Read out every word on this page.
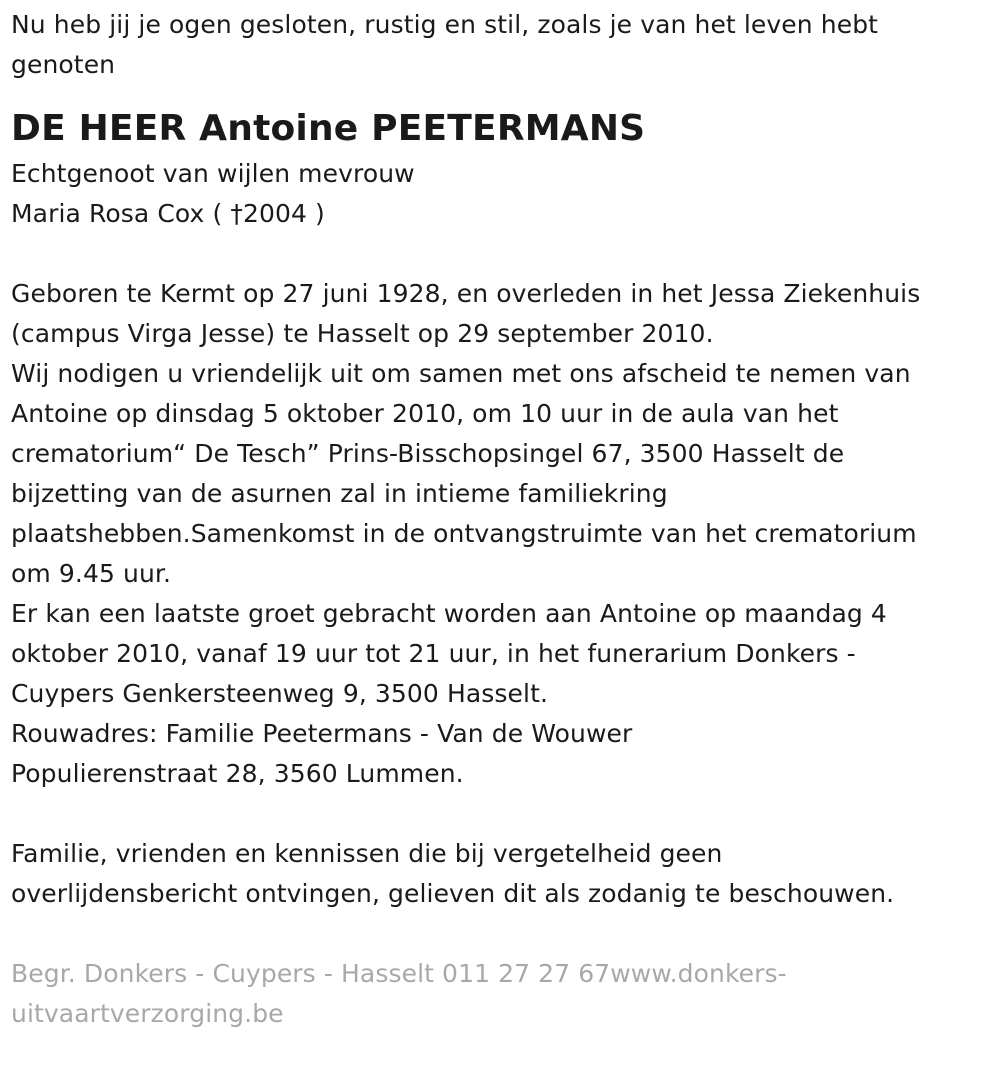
Nu heb jij je ogen gesloten, rustig en stil, zoals je van het leven hebt
genoten
DE HEER Antoine PEETERMANS
Echtgenoot van wijlen mevrouw
Maria Rosa Cox ( †2004 )
Geboren te Kermt op 27 juni 1928, en overleden in het Jessa Ziekenhuis
(campus Virga Jesse) te Hasselt op 29 september 2010.
Wij nodigen u vriendelijk uit om samen met ons afscheid te nemen van
Antoine op dinsdag 5 oktober 2010, om 10 uur in de aula van het
crematorium“ De Tesch” Prins-Bisschopsingel 67, 3500 Hasselt de
bijzetting van de asurnen zal in intieme familiekring
plaatshebben.Samenkomst in de ontvangstruimte van het crematorium
om 9.45 uur.
Er kan een laatste groet gebracht worden aan Antoine op maandag 4
oktober 2010, vanaf 19 uur tot 21 uur, in het funerarium Donkers -
Cuypers Genkersteenweg 9, 3500 Hasselt.
Rouwadres: Familie Peetermans - Van de Wouwer
Populierenstraat 28, 3560 Lummen.
Familie, vrienden en kennissen die bij vergetelheid geen
overlijdensbericht ontvingen, gelieven dit als zodanig te beschouwen.
Begr. Donkers - Cuypers - Hasselt 011 27 27 67www.donkers-
uitvaartverzorging.be
